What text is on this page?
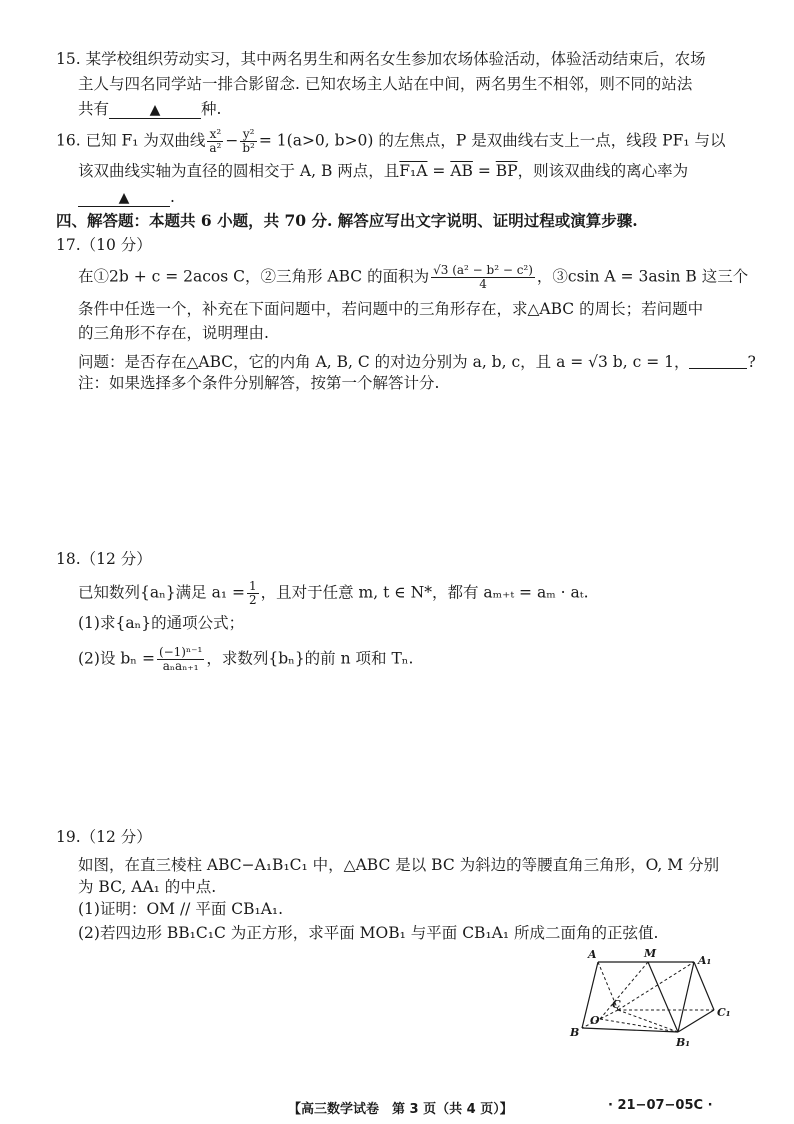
15. 某学校组织劳动实习，其中两名男生和两名女生参加农场体验活动，体验活动结束后，农场
主人与四名同学站一排合影留念. 已知农场主人站在中间，两名男生不相邻，则不同的站法
共有	▲	种.
16. 已知 F₁ 为双曲线 $\frac{\text{x²}}{\text{a²}} - \frac{\text{y²}}{\text{b²}} = 1(a>0$, b>0) 的左焦点，P 是双曲线右支上一点，线段 PF₁ 与以
该双曲线实轴为直径的圆相交于 A, B 两点，且$F_1A = \overline{AB} = \overline{BP}$，则该双曲线的离心率为
▲	.
四、解答题：本题共 6 小题，共 70 分. 解答应写出文字说明、证明过程或演算步骤.
17.（10 分）
在①2b + c = 2acos C，②三角形 ABC 的面积为 $\frac{\text{√3 (a² − b² − c²)}}{4}$ ，③csin A = 3asin B 这三个
条件中任选一个，补充在下面问题中，若问题中的三角形存在，求△ABC 的周长；若问题中
的三角形不存在，说明理由.
问题：是否存在△ABC，它的内角 A, B, C 的对边分别为 a, b, c，且 a = √3 b, c = 1，	?
注：如果选择多个条件分别解答，按第一个解答计分.
18.（12 分）
已知数列{aₙ}满足 $a_1 = \frac{1}{2}$ ，且对于任意 m, t ∈ N*，都有 aₘ₊ₜ = aₘ · aₜ.
(1)求{aₙ}的通项公式；
(2)设 $b_n = \frac{\text{(−1)ⁿ⁻¹}}{\text{aₙaₙ₊₁}}$ ，求数列{bₙ}的前 n 项和 Tₙ.
19.（12 分）
如图，在直三棱柱 ABC−A₁B₁C₁ 中，△ABC 是以 BC 为斜边的等腰直角三角形，O, M 分别
为 BC, AA₁ 的中点.
(1)证明：OM // 平面 CB₁A₁.
(2)若四边形 BB₁C₁C 为正方形，求平面 MOB₁ 与平面 CB₁A₁ 所成二面角的正弦值.
A	M
A₁
C₁
B
O
C
B₁
【高三数学试卷　第 3 页（共 4 页）】	· 21−07−05C ·
